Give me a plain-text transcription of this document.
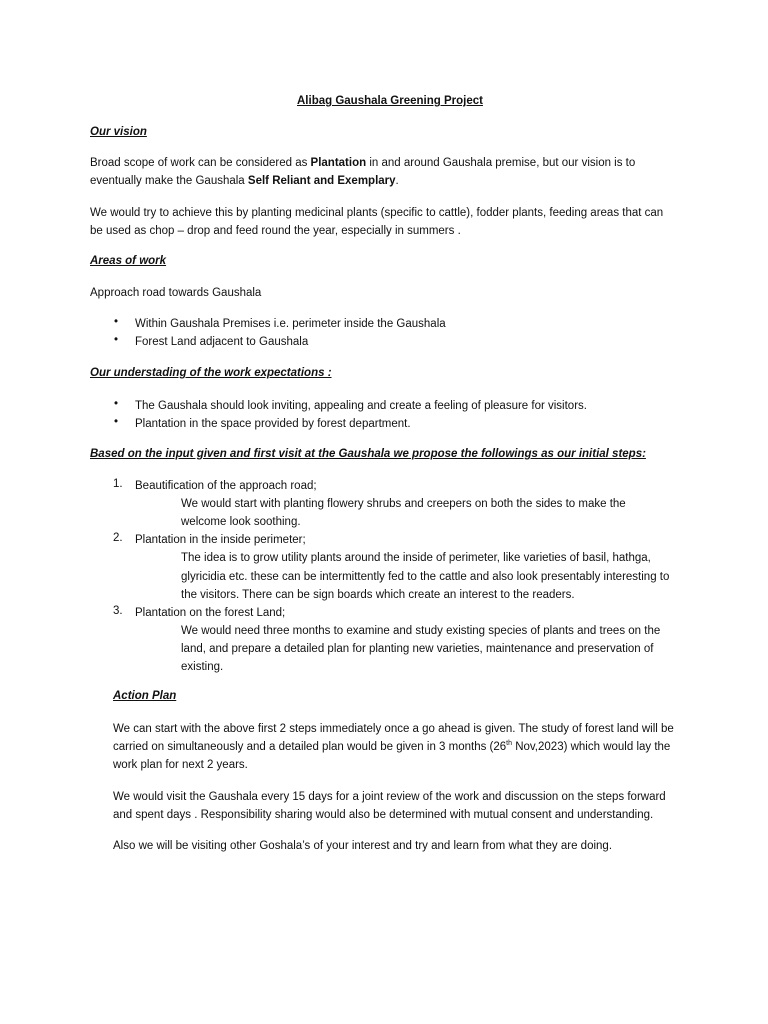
Alibag Gaushala Greening Project
Our vision
Broad scope of work can be considered as Plantation in and around Gaushala premise, but our vision is to
eventually make the Gaushala Self Reliant and Exemplary.
We would try to achieve this by planting medicinal plants (specific to cattle), fodder plants, feeding areas that can
be used as chop – drop and feed round the year, especially in summers .
Areas of work
Approach road towards Gaushala
• Within Gaushala Premises i.e. perimeter inside the Gaushala
• Forest Land adjacent to Gaushala
Our understading of the work expectations :
• The Gaushala should look inviting, appealing and create a feeling of pleasure for visitors.
• Plantation in the space provided by forest department.
Based on the input given and first visit at the Gaushala we propose the followings as our initial steps:
1. Beautification of the approach road;
We would start with planting flowery shrubs and creepers on both the sides to make the
welcome look soothing.
2. Plantation in the inside perimeter;
The idea is to grow utility plants around the inside of perimeter, like varieties of basil, hathga,
glyricidia etc. these can be intermittently fed to the cattle and also look presentably interesting to
the visitors. There can be sign boards which create an interest to the readers.
3. Plantation on the forest Land;
We would need three months to examine and study existing species of plants and trees on the
land, and prepare a detailed plan for planting new varieties, maintenance and preservation of
existing.
Action Plan
We can start with the above first 2 steps immediately once a go ahead is given. The study of forest land will be
carried on simultaneously and a detailed plan would be given in 3 months (26th Nov,2023) which would lay the
work plan for next 2 years.
We would visit the Gaushala every 15 days for a joint review of the work and discussion on the steps forward
and spent days . Responsibility sharing would also be determined with mutual consent and understanding.
Also we will be visiting other Goshala’s of your interest and try and learn from what they are doing.
